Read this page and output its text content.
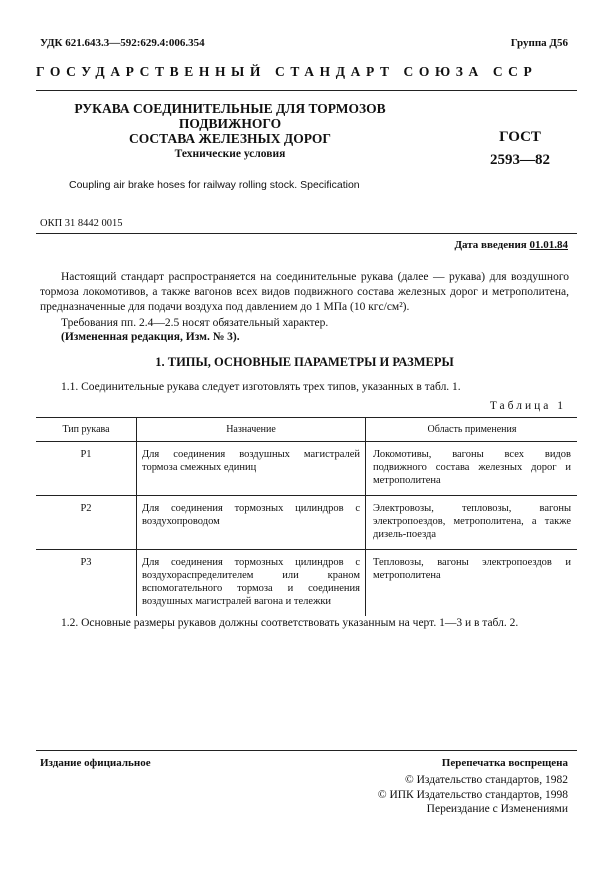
УДК 621.643.3—592:629.4:006.354	Группа Д56
ГОСУДАРСТВЕННЫЙ СТАНДАРТ СОЮЗА ССР
РУКАВА СОЕДИНИТЕЛЬНЫЕ ДЛЯ ТОРМОЗОВ ПОДВИЖНОГО
СОСТАВА ЖЕЛЕЗНЫХ ДОРОГ
Технические условия
ГОСТ
2593—82
Coupling air brake hoses for railway rolling stock. Specification
ОКП 31 8442 0015
Дата введения 01.01.84
Настоящий стандарт распространяется на соединительные рукава (далее — рукава) для воздушного тормоза локомотивов, а также вагонов всех видов подвижного состава железных дорог и метрополитена, предназначенные для подачи воздуха под давлением до 1 МПа (10 кгс/см²).
Требования пп. 2.4—2.5 носят обязательный характер.
(Измененная редакция, Изм. № 3).
1. ТИПЫ, ОСНОВНЫЕ ПАРАМЕТРЫ И РАЗМЕРЫ
1.1. Соединительные рукава следует изготовлять трех типов, указанных в табл. 1.
Таблица 1
Тип рукава	Назначение	Область применения
Р1	Для соединения воздушных магистралей тормоза смежных единиц	Локомотивы, вагоны всех видов подвижного состава железных дорог и метрополитена
Р2	Для соединения тормозных цилиндров с воздухопроводом	Электровозы, тепловозы, вагоны электропоездов, метрополитена, а также дизель-поезда
Р3	Для соединения тормозных цилиндров с воздухораспределителем или краном вспомогательного тормоза и соединения воздушных магистралей вагона и тележки	Тепловозы, вагоны электропоездов и метрополитена
1.2. Основные размеры рукавов должны соответствовать указанным на черт. 1—3 и в табл. 2.
Издание официальное	Перепечатка воспрещена
© Издательство стандартов, 1982
© ИПК Издательство стандартов, 1998
Переиздание с Изменениями
